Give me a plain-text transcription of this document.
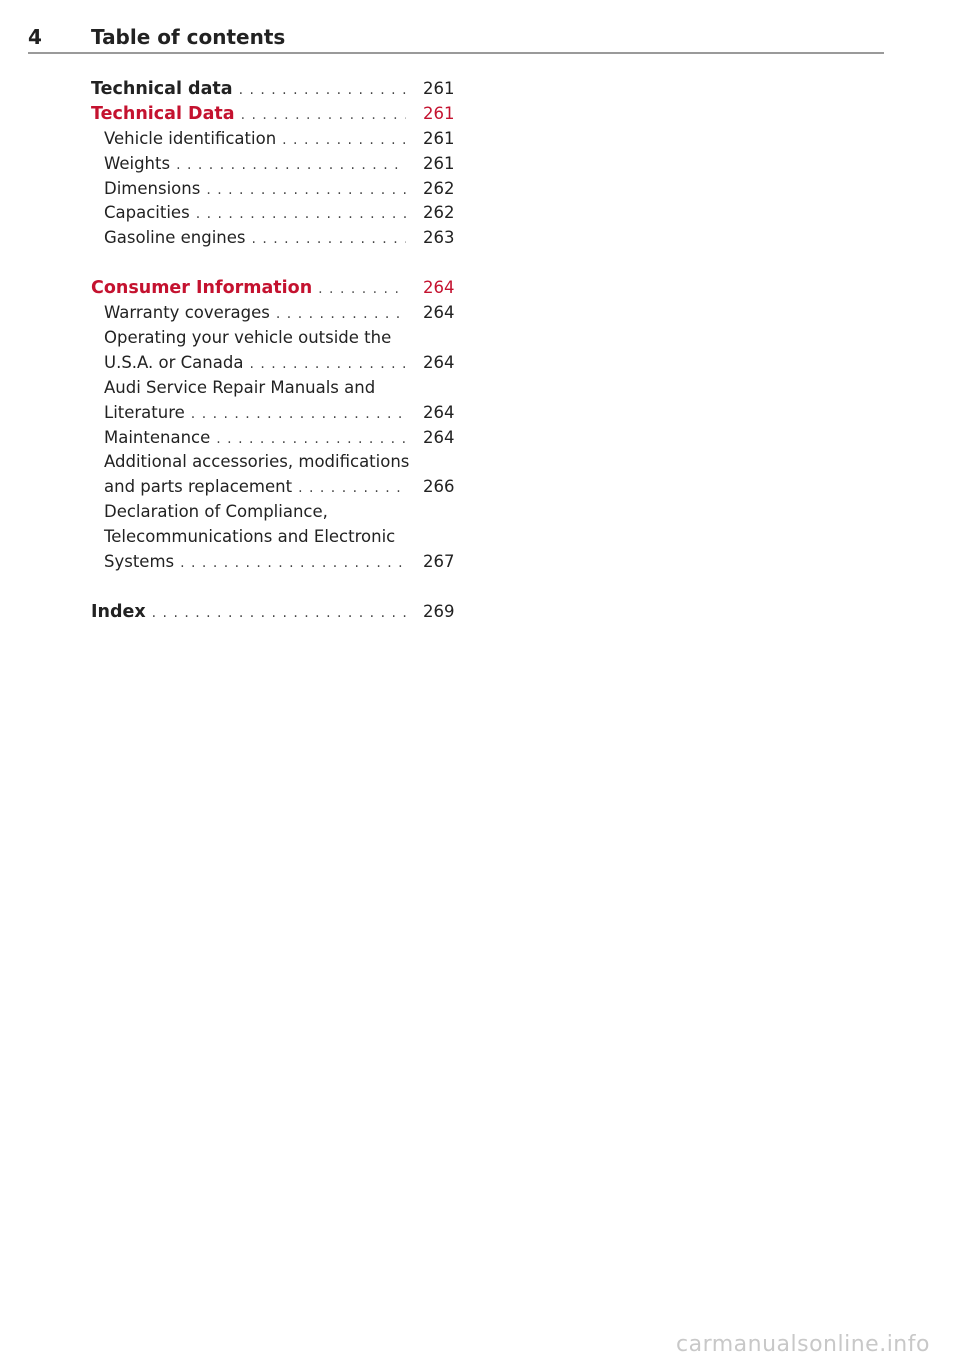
4 Table of contents
Technical data . . .	261
Technical Data . . .	261
Vehicle identification . . .	261
Weights . . .	261
Dimensions . . .	262
Capacities . . .	262
Gasoline engines . . .	263
Consumer Information . . .	264
Warranty coverages . . .	264
Operating your vehicle outside the
U.S.A. or Canada . . .	264
Audi Service Repair Manuals and
Literature . . .	264
Maintenance . . .	264
Additional accessories, modifications
and parts replacement . . .	266
Declaration of Compliance,
Telecommunications and Electronic
Systems . . .	267
Index . . .	269
carmanualsonline.info
